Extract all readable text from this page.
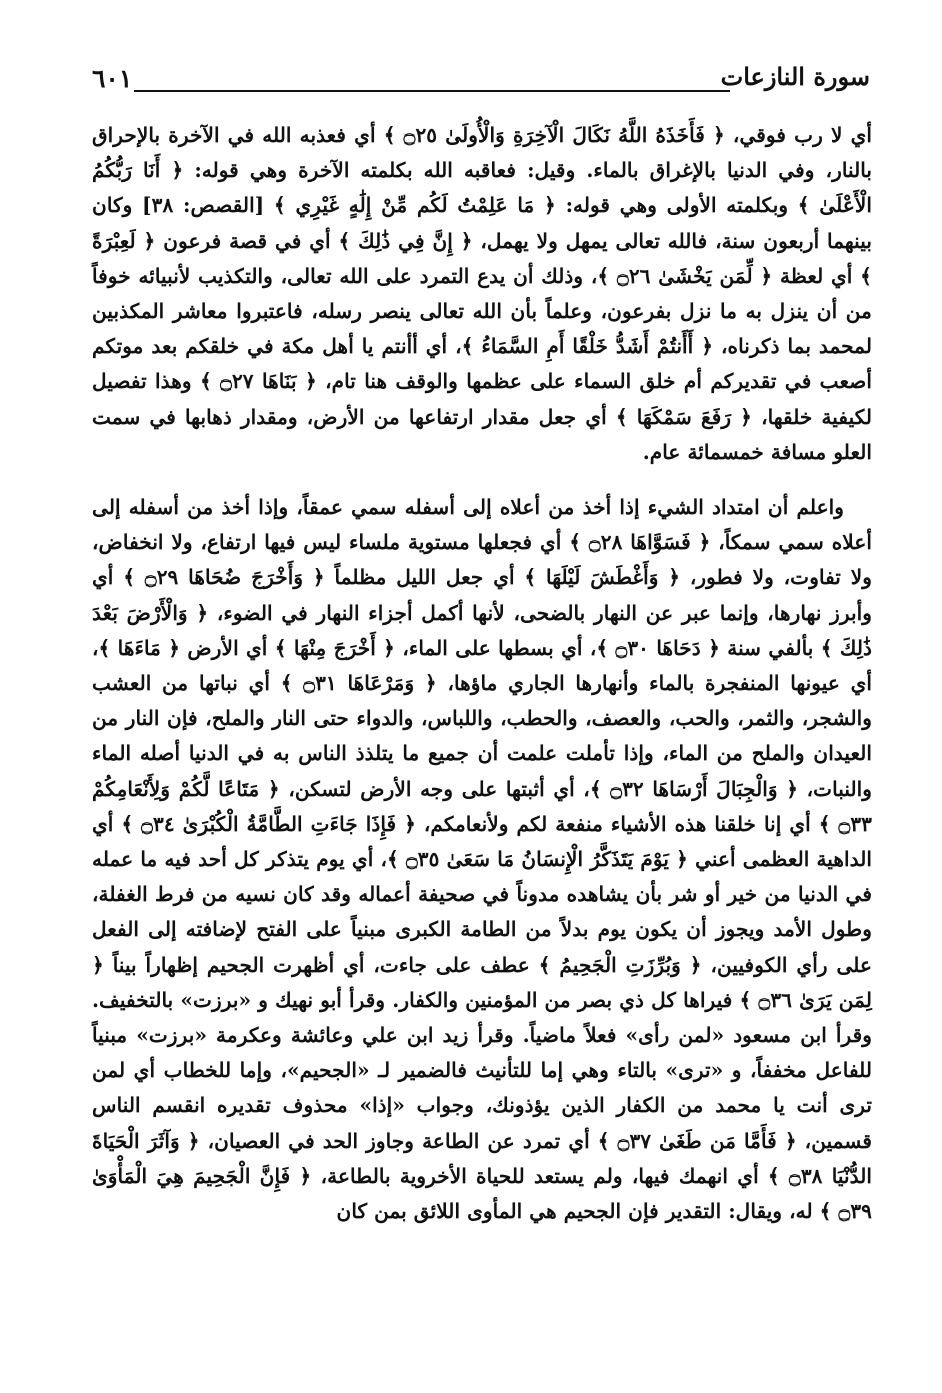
٦٠١	سورة النازعات

أي لا رب فوقي، ﴿ فَأَخَذَهُ اللَّهُ نَكَالَ الْآخِرَةِ وَالْأُولَىٰ ۝٢٥ ﴾ أي فعذبه الله في الآخرة بالإحراق بالنار، وفي الدنيا بالإغراق بالماء. وقيل: فعاقبه الله بكلمته الآخرة وهي قوله: ﴿ أَنَا رَبُّكُمُ الْأَعْلَىٰ ﴾ وبكلمته الأولى وهي قوله: ﴿ مَا عَلِمْتُ لَكُم مِّنْ إِلَٰهٍ غَيْرِي ﴾ [القصص: ٣٨] وكان بينهما أربعون سنة، فالله تعالى يمهل ولا يهمل، ﴿ إِنَّ فِي ذَٰلِكَ ﴾ أي في قصة فرعون ﴿ لَعِبْرَةً ﴾ أي لعظة ﴿ لِّمَن يَخْشَىٰ ۝٢٦ ﴾، وذلك أن يدع التمرد على الله تعالى، والتكذيب لأنبيائه خوفاً من أن ينزل به ما نزل بفرعون، وعلماً بأن الله تعالى ينصر رسله، فاعتبروا معاشر المكذبين لمحمد بما ذكرناه، ﴿ أَأَنتُمْ أَشَدُّ خَلْقًا أَمِ السَّمَاءُ ﴾، أي أأنتم يا أهل مكة في خلقكم بعد موتكم أصعب في تقديركم أم خلق السماء على عظمها والوقف هنا تام، ﴿ بَنَاهَا ۝٢٧ ﴾ وهذا تفصيل لكيفية خلقها، ﴿ رَفَعَ سَمْكَهَا ﴾ أي جعل مقدار ارتفاعها من الأرض، ومقدار ذهابها في سمت العلو مسافة خمسمائة عام.

واعلم أن امتداد الشيء إذا أخذ من أعلاه إلى أسفله سمي عمقاً، وإذا أخذ من أسفله إلى أعلاه سمي سمكاً، ﴿ فَسَوَّاهَا ۝٢٨ ﴾ أي فجعلها مستوية ملساء ليس فيها ارتفاع، ولا انخفاض، ولا تفاوت، ولا فطور، ﴿ وَأَغْطَشَ لَيْلَهَا ﴾ أي جعل الليل مظلماً ﴿ وَأَخْرَجَ ضُحَاهَا ۝٢٩ ﴾ أي وأبرز نهارها، وإنما عبر عن النهار بالضحى، لأنها أكمل أجزاء النهار في الضوء، ﴿ وَالْأَرْضَ بَعْدَ ذَٰلِكَ ﴾ بألفي سنة ﴿ دَحَاهَا ۝٣٠ ﴾، أي بسطها على الماء، ﴿ أَخْرَجَ مِنْهَا ﴾ أي الأرض ﴿ مَاءَهَا ﴾، أي عيونها المنفجرة بالماء وأنهارها الجاري ماؤها، ﴿ وَمَرْعَاهَا ۝٣١ ﴾ أي نباتها من العشب والشجر، والثمر، والحب، والعصف، والحطب، واللباس، والدواء حتى النار والملح، فإن النار من العيدان والملح من الماء، وإذا تأملت علمت أن جميع ما يتلذذ الناس به في الدنيا أصله الماء والنبات، ﴿ وَالْجِبَالَ أَرْسَاهَا ۝٣٢ ﴾، أي أثبتها على وجه الأرض لتسكن، ﴿ مَتَاعًا لَّكُمْ وَلِأَنْعَامِكُمْ ۝٣٣ ﴾ أي إنا خلقنا هذه الأشياء منفعة لكم ولأنعامكم، ﴿ فَإِذَا جَاءَتِ الطَّامَّةُ الْكُبْرَىٰ ۝٣٤ ﴾ أي الداهية العظمى أعني ﴿ يَوْمَ يَتَذَكَّرُ الْإِنسَانُ مَا سَعَىٰ ۝٣٥ ﴾، أي يوم يتذكر كل أحد فيه ما عمله في الدنيا من خير أو شر بأن يشاهده مدوناً في صحيفة أعماله وقد كان نسيه من فرط الغفلة، وطول الأمد ويجوز أن يكون يوم بدلاً من الطامة الكبرى مبنياً على الفتح لإضافته إلى الفعل على رأي الكوفيين، ﴿ وَبُرِّزَتِ الْجَحِيمُ ﴾ عطف على جاءت، أي أظهرت الجحيم إظهاراً بيناً ﴿ لِمَن يَرَىٰ ۝٣٦ ﴾ فيراها كل ذي بصر من المؤمنين والكفار. وقرأ أبو نهيك و «برزت» بالتخفيف. وقرأ ابن مسعود «لمن رأى» فعلاً ماضياً. وقرأ زيد ابن علي وعائشة وعكرمة «برزت» مبنياً للفاعل مخففاً، و «ترى» بالتاء وهي إما للتأنيث فالضمير لـ «الجحيم»، وإما للخطاب أي لمن ترى أنت يا محمد من الكفار الذين يؤذونك، وجواب «إذا» محذوف تقديره انقسم الناس قسمين، ﴿ فَأَمَّا مَن طَغَىٰ ۝٣٧ ﴾ أي تمرد عن الطاعة وجاوز الحد في العصيان، ﴿ وَآثَرَ الْحَيَاةَ الدُّنْيَا ۝٣٨ ﴾ أي انهمك فيها، ولم يستعد للحياة الأخروية بالطاعة، ﴿ فَإِنَّ الْجَحِيمَ هِيَ الْمَأْوَىٰ ۝٣٩ ﴾ له، ويقال: التقدير فإن الجحيم هي المأوى اللائق بمن كان
